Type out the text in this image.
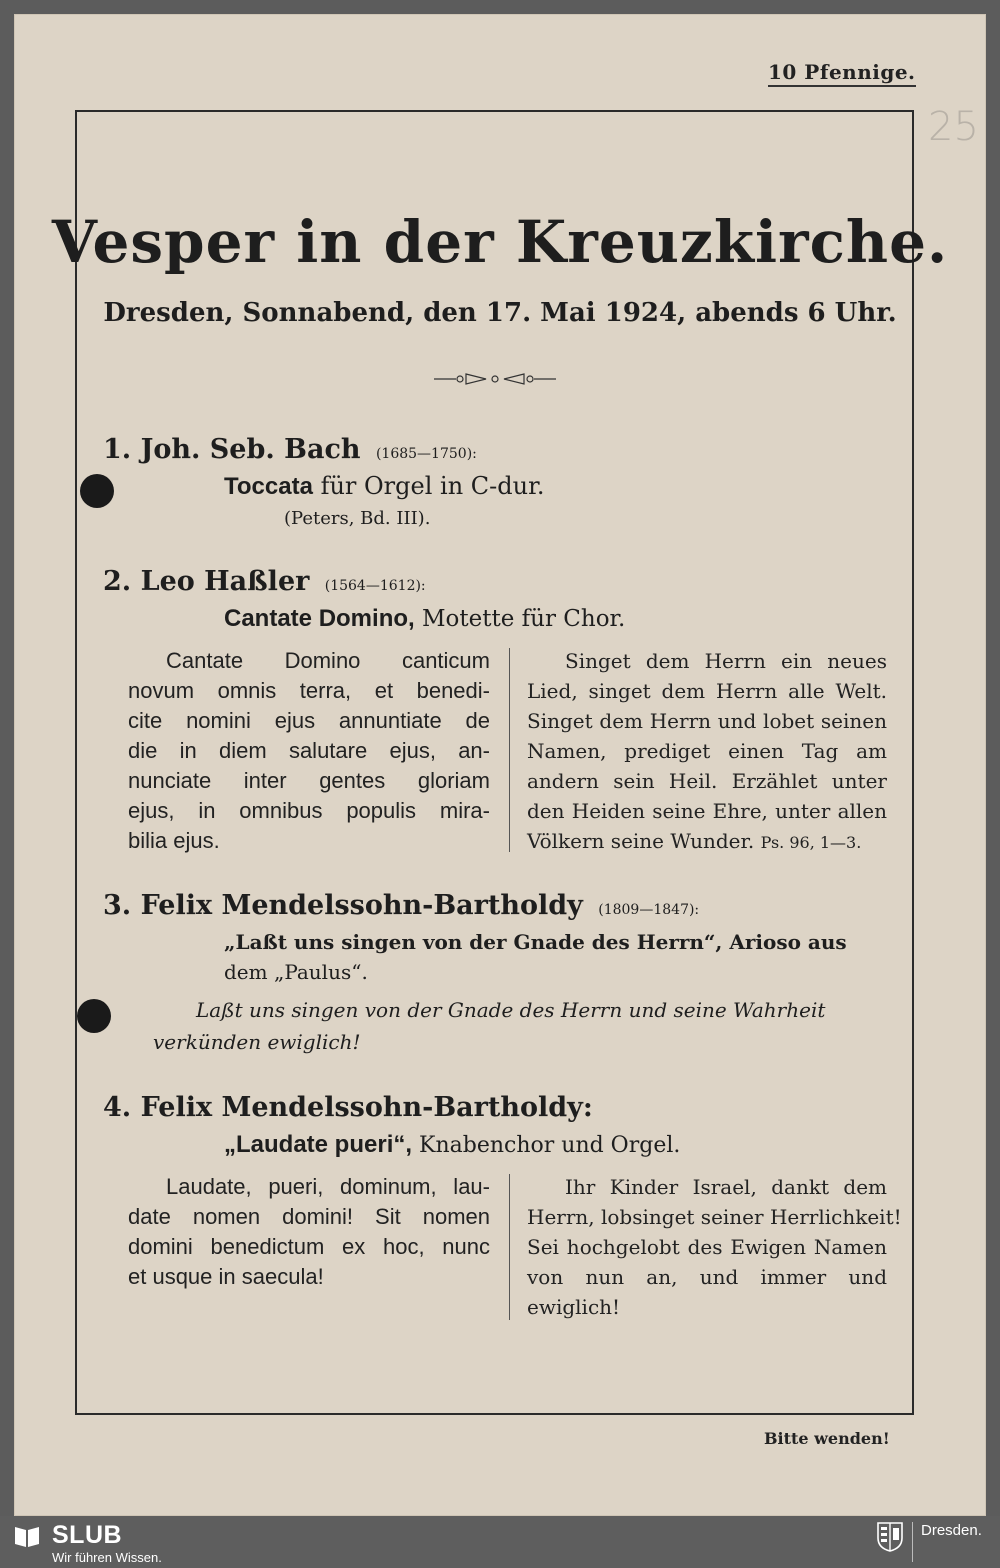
10 Pfennige.
25
Vesper in der Kreuzkirche.
Dresden, Sonnabend, den 17. Mai 1924, abends 6 Uhr.
1. Joh. Seb. Bach (1685—1750):
Toccata für Orgel in C-dur.
(Peters, Bd. III).
2. Leo Haßler (1564—1612):
Cantate Domino, Motette für Chor.
Cantate Domino canticum
novum omnis terra, et benedi-
cite nomini ejus annuntiate de
die in diem salutare ejus, an-
nunciate inter gentes gloriam
ejus, in omnibus populis mira-
bilia ejus.
Singet dem Herrn ein neues
Lied, singet dem Herrn alle Welt.
Singet dem Herrn und lobet seinen
Namen, prediget einen Tag am
andern sein Heil. Erzählet unter
den Heiden seine Ehre, unter allen
Völkern seine Wunder. Ps. 96, 1—3.
3. Felix Mendelssohn-Bartholdy (1809—1847):
„Laßt uns singen von der Gnade des Herrn“, Arioso aus
dem „Paulus“.
Laßt uns singen von der Gnade des Herrn und seine Wahrheit
verkünden ewiglich!
4. Felix Mendelssohn-Bartholdy:
„Laudate pueri“, Knabenchor und Orgel.
Laudate, pueri, dominum, lau-
date nomen domini! Sit nomen
domini benedictum ex hoc, nunc
et usque in saecula!
Ihr Kinder Israel, dankt dem
Herrn, lobsinget seiner Herrlichkeit!
Sei hochgelobt des Ewigen Namen
von nun an, und immer und
ewiglich!
Bitte wenden!
SLUB
Wir führen Wissen.
Dresden.
